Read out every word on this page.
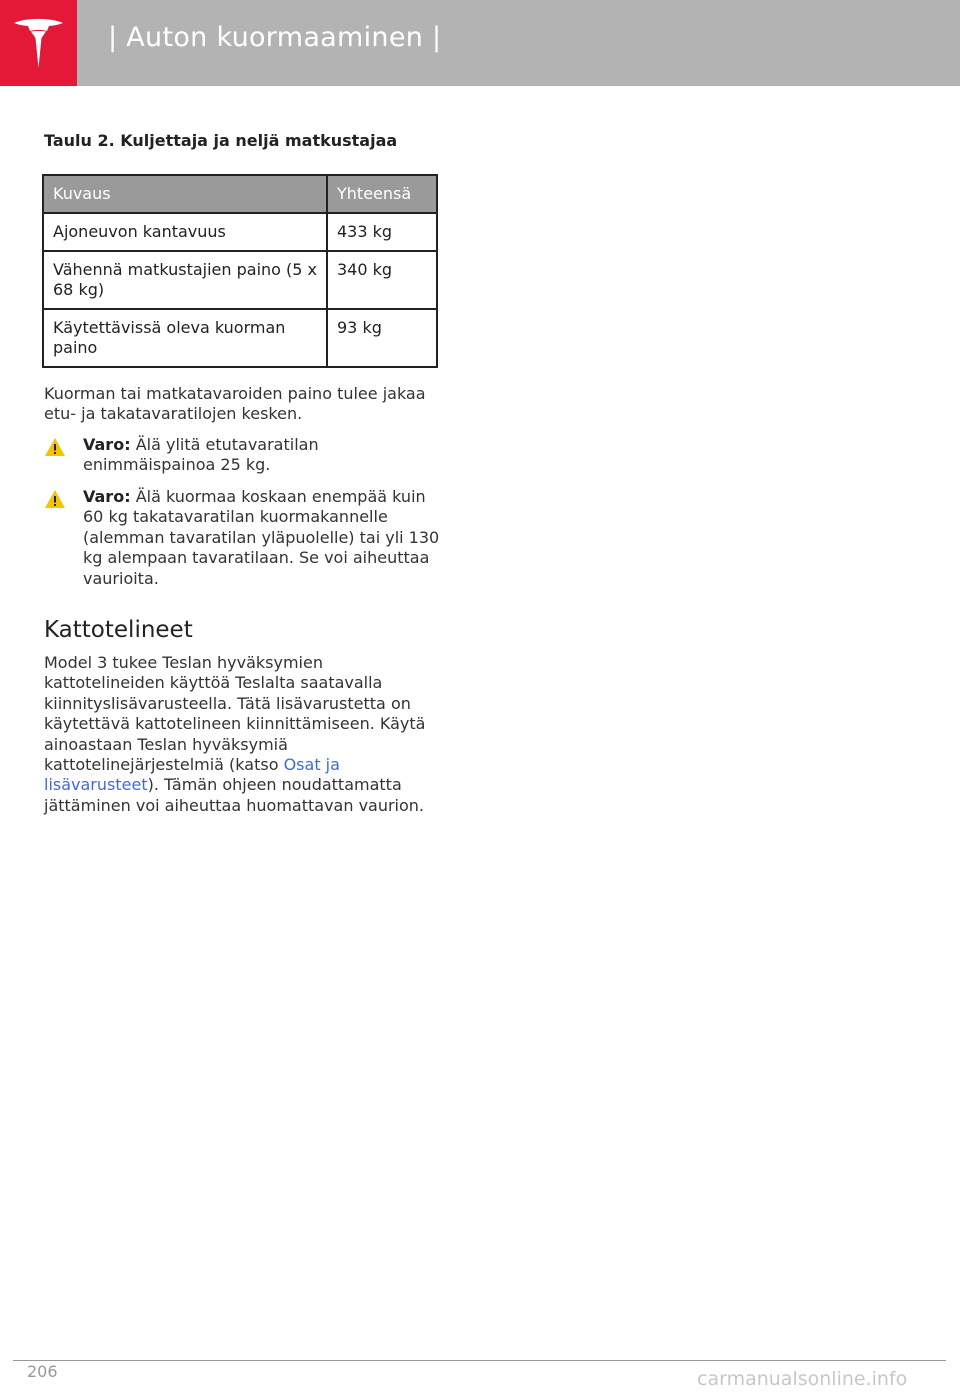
| Auton kuormaaminen |
Taulu 2. Kuljettaja ja neljä matkustajaa
Kuvaus	Yhteensä
Ajoneuvon kantavuus	433 kg
Vähennä matkustajien paino (5 x 68 kg)	340 kg
Käytettävissä oleva kuorman paino	93 kg
Kuorman tai matkatavaroiden paino tulee jakaa etu- ja takatavaratilojen kesken.
Varo: Älä ylitä etutavaratilan enimmäispainoa 25 kg.
Varo: Älä kuormaa koskaan enempää kuin 60 kg takatavaratilan kuormakannelle (alemman tavaratilan yläpuolelle) tai yli 130 kg alempaan tavaratilaan. Se voi aiheuttaa vaurioita.
Kattotelineet
Model 3 tukee Teslan hyväksymien kattotelineiden käyttöä Teslalta saatavalla kiinnityslisävarusteella. Tätä lisävarustetta on käytettävä kattotelineen kiinnittämiseen. Käytä ainoastaan Teslan hyväksymiä kattotelinejärjestelmiä (katso Osat ja lisävarusteet). Tämän ohjeen noudattamatta jättäminen voi aiheuttaa huomattavan vaurion.
206	carmanualsonline.info
